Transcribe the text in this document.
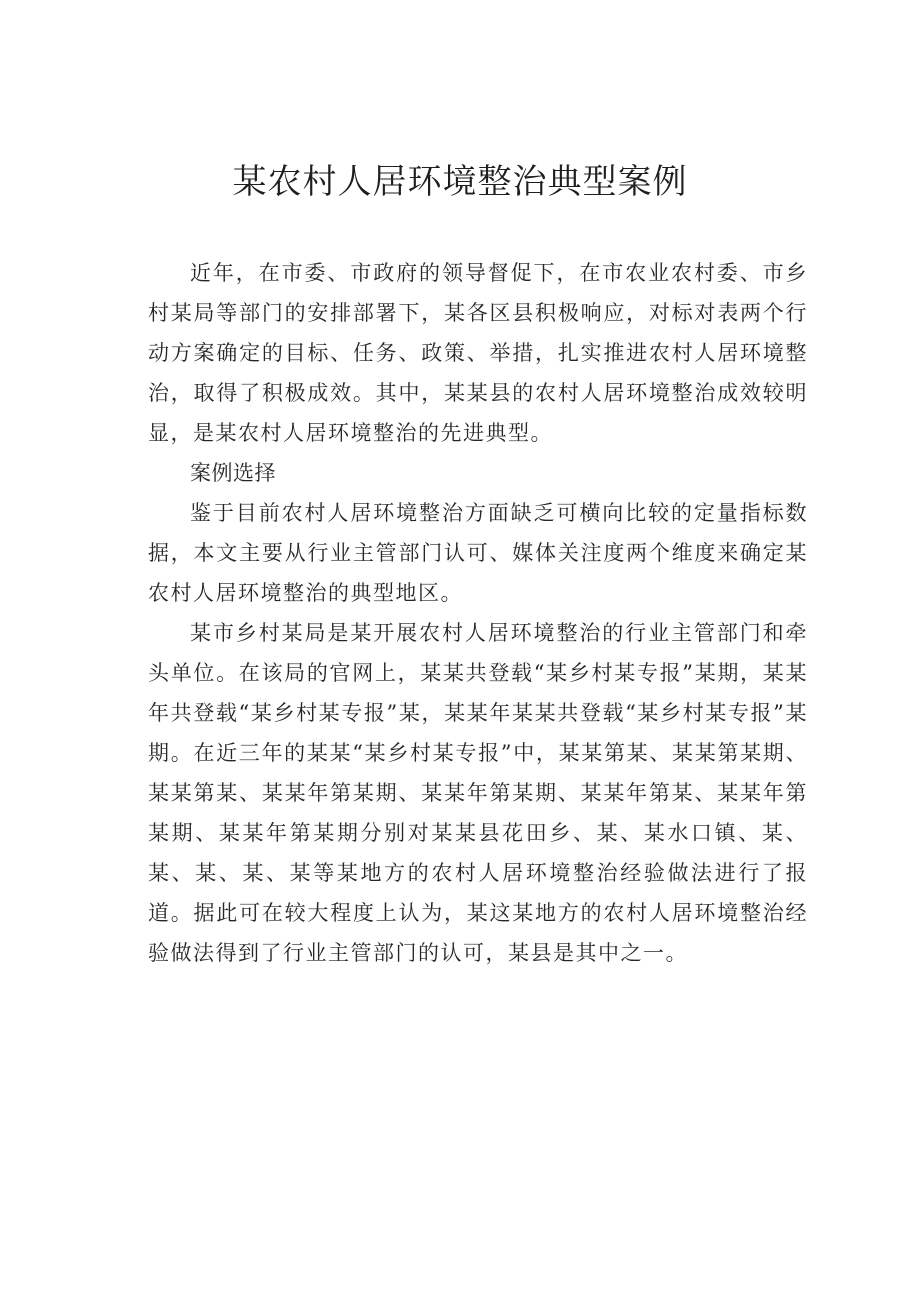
某农村人居环境整治典型案例

近年，在市委、市政府的领导督促下，在市农业农村委、市乡村某局等部门的安排部署下，某各区县积极响应，对标对表两个行动方案确定的目标、任务、政策、举措，扎实推进农村人居环境整治，取得了积极成效。其中，某某县的农村人居环境整治成效较明显，是某农村人居环境整治的先进典型。

案例选择

鉴于目前农村人居环境整治方面缺乏可横向比较的定量指标数据，本文主要从行业主管部门认可、媒体关注度两个维度来确定某农村人居环境整治的典型地区。

某市乡村某局是某开展农村人居环境整治的行业主管部门和牵头单位。在该局的官网上，某某共登载“某乡村某专报”某期，某某年共登载“某乡村某专报”某，某某年某某共登载“某乡村某专报”某期。在近三年的某某“某乡村某专报”中，某某第某、某某第某期、某某第某、某某年第某期、某某年第某期、某某年第某、某某年第某期、某某年第某期分别对某某县花田乡、某、某水口镇、某、某、某、某、某等某地方的农村人居环境整治经验做法进行了报道。据此可在较大程度上认为，某这某地方的农村人居环境整治经验做法得到了行业主管部门的认可，某县是其中之一。
